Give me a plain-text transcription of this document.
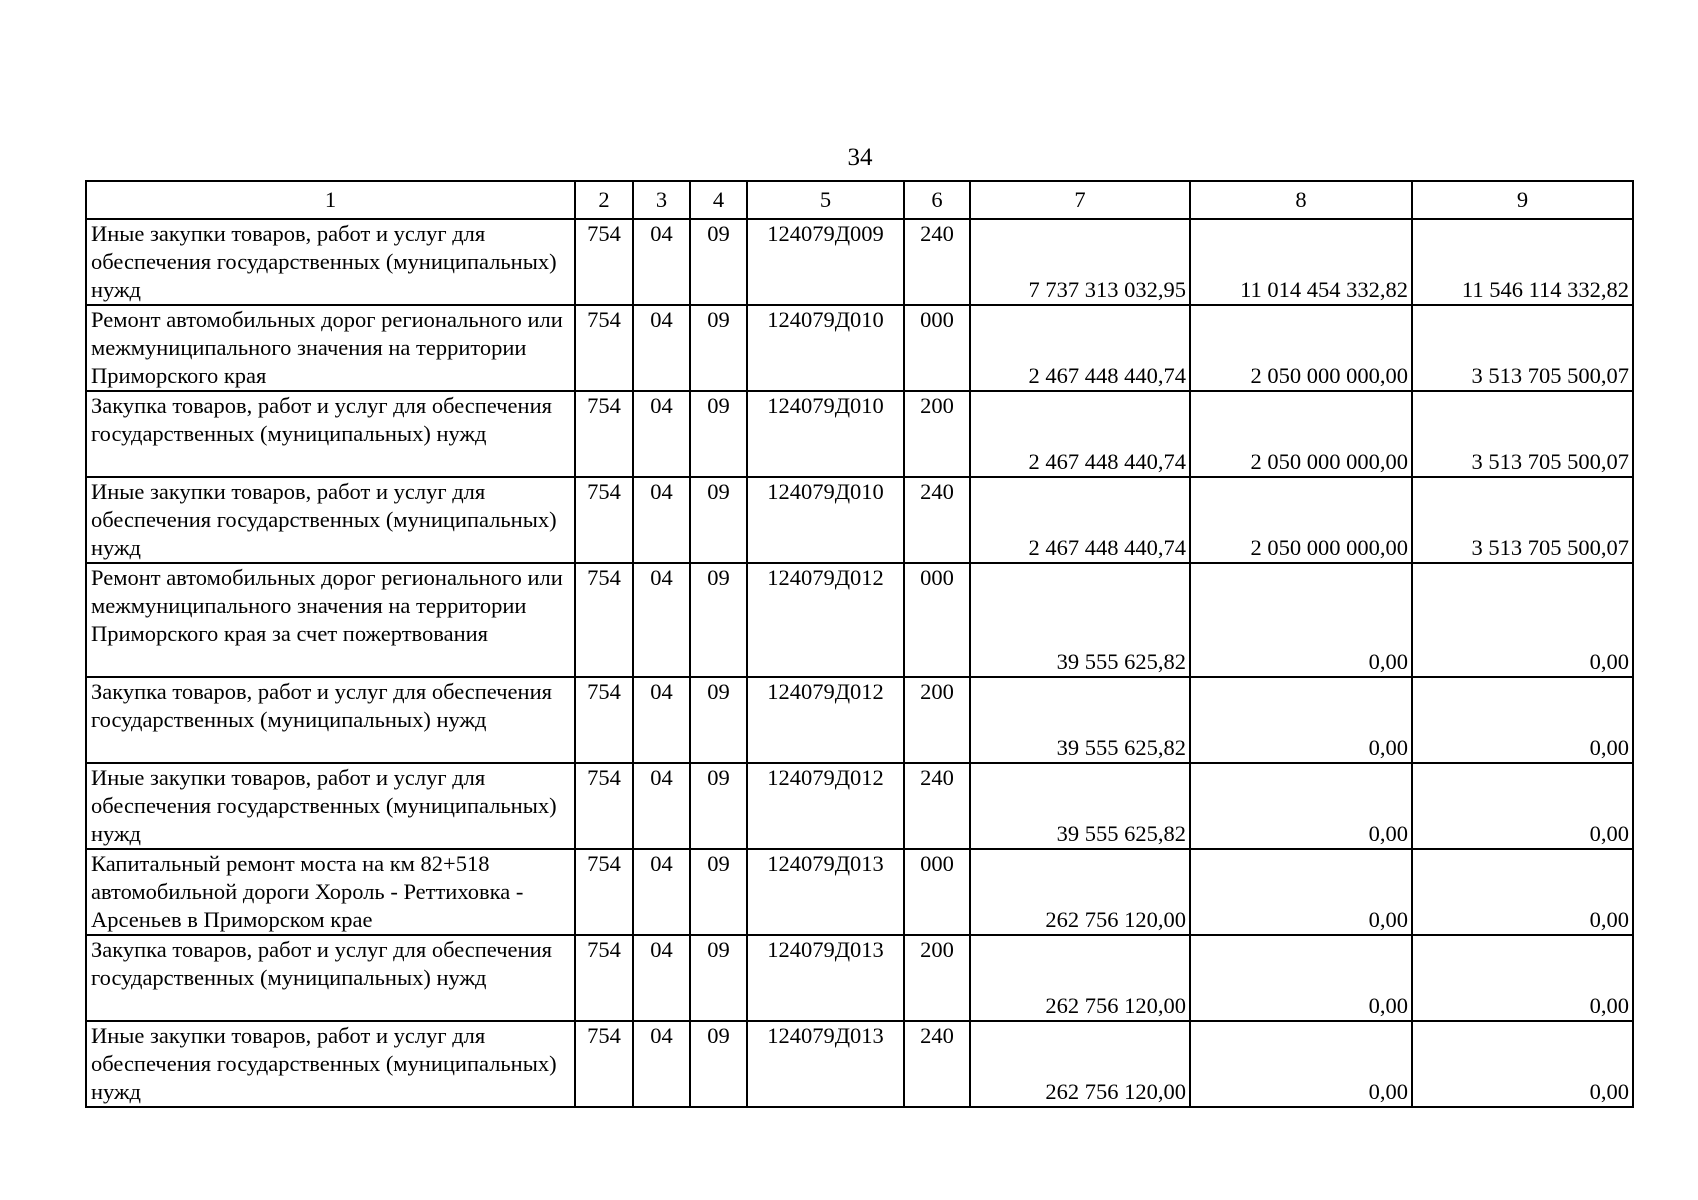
34
1	2	3	4	5	6	7	8	9
Иные закупки товаров, работ и услуг для обеспечения государственных (муниципальных) нужд	754	04	09	124079Д009	240	7 737 313 032,95	11 014 454 332,82	11 546 114 332,82
Ремонт автомобильных дорог регионального или межмуниципального значения на территории Приморского края	754	04	09	124079Д010	000	2 467 448 440,74	2 050 000 000,00	3 513 705 500,07
Закупка товаров, работ и услуг для обеспечения государственных (муниципальных) нужд	754	04	09	124079Д010	200	2 467 448 440,74	2 050 000 000,00	3 513 705 500,07
Иные закупки товаров, работ и услуг для обеспечения государственных (муниципальных) нужд	754	04	09	124079Д010	240	2 467 448 440,74	2 050 000 000,00	3 513 705 500,07
Ремонт автомобильных дорог регионального или межмуниципального значения на территории Приморского края за счет пожертвования	754	04	09	124079Д012	000	39 555 625,82	0,00	0,00
Закупка товаров, работ и услуг для обеспечения государственных (муниципальных) нужд	754	04	09	124079Д012	200	39 555 625,82	0,00	0,00
Иные закупки товаров, работ и услуг для обеспечения государственных (муниципальных) нужд	754	04	09	124079Д012	240	39 555 625,82	0,00	0,00
Капитальный ремонт моста на км 82+518 автомобильной дороги Хороль - Реттиховка - Арсеньев в Приморском крае	754	04	09	124079Д013	000	262 756 120,00	0,00	0,00
Закупка товаров, работ и услуг для обеспечения государственных (муниципальных) нужд	754	04	09	124079Д013	200	262 756 120,00	0,00	0,00
Иные закупки товаров, работ и услуг для обеспечения государственных (муниципальных) нужд	754	04	09	124079Д013	240	262 756 120,00	0,00	0,00
